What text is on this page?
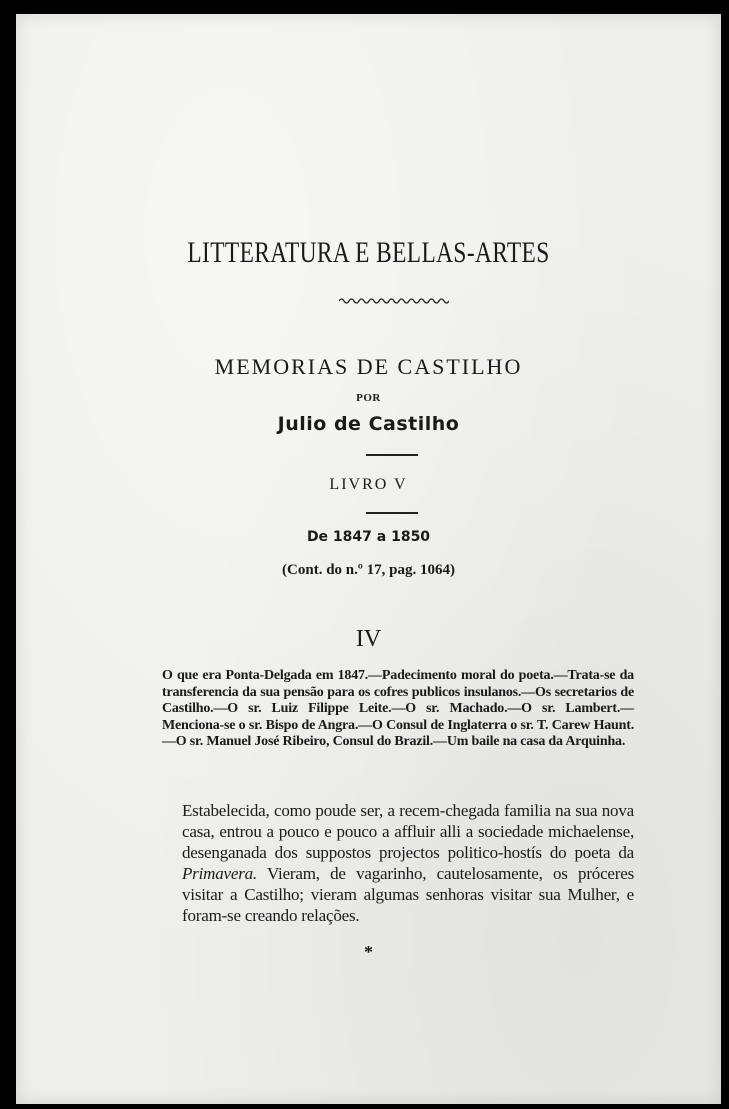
LITTERATURA E BELLAS-ARTES
MEMORIAS DE CASTILHO
POR
Julio de Castilho
LIVRO V
De 1847 a 1850
(Cont. do n.º 17, pag. 1064)
IV

O que era Ponta-Delgada em 1847.—Padecimento moral do poeta.—Trata-se da transferencia da sua pensão para os cofres publicos insulanos.—Os secretarios de Castilho.—O sr. Luiz Filippe Leite.—O sr. Machado.—O sr. Lambert.—Menciona-se o sr. Bispo de Angra.—O Consul de Inglaterra o sr. T. Carew Haunt.—O sr. Manuel José Ribeiro, Consul do Brazil.—Um baile na casa da Arquinha.

Estabelecida, como poude ser, a recem-chegada familia na sua nova casa, entrou a pouco e pouco a affluir alli a sociedade michaelense, desenganada dos suppostos projectos politico-hostís do poeta da Primavera. Vieram, de vagarinho, cautelosamente, os próceres visitar a Castilho; vieram algumas senhoras visitar sua Mulher, e foram-se creando relações.

*
